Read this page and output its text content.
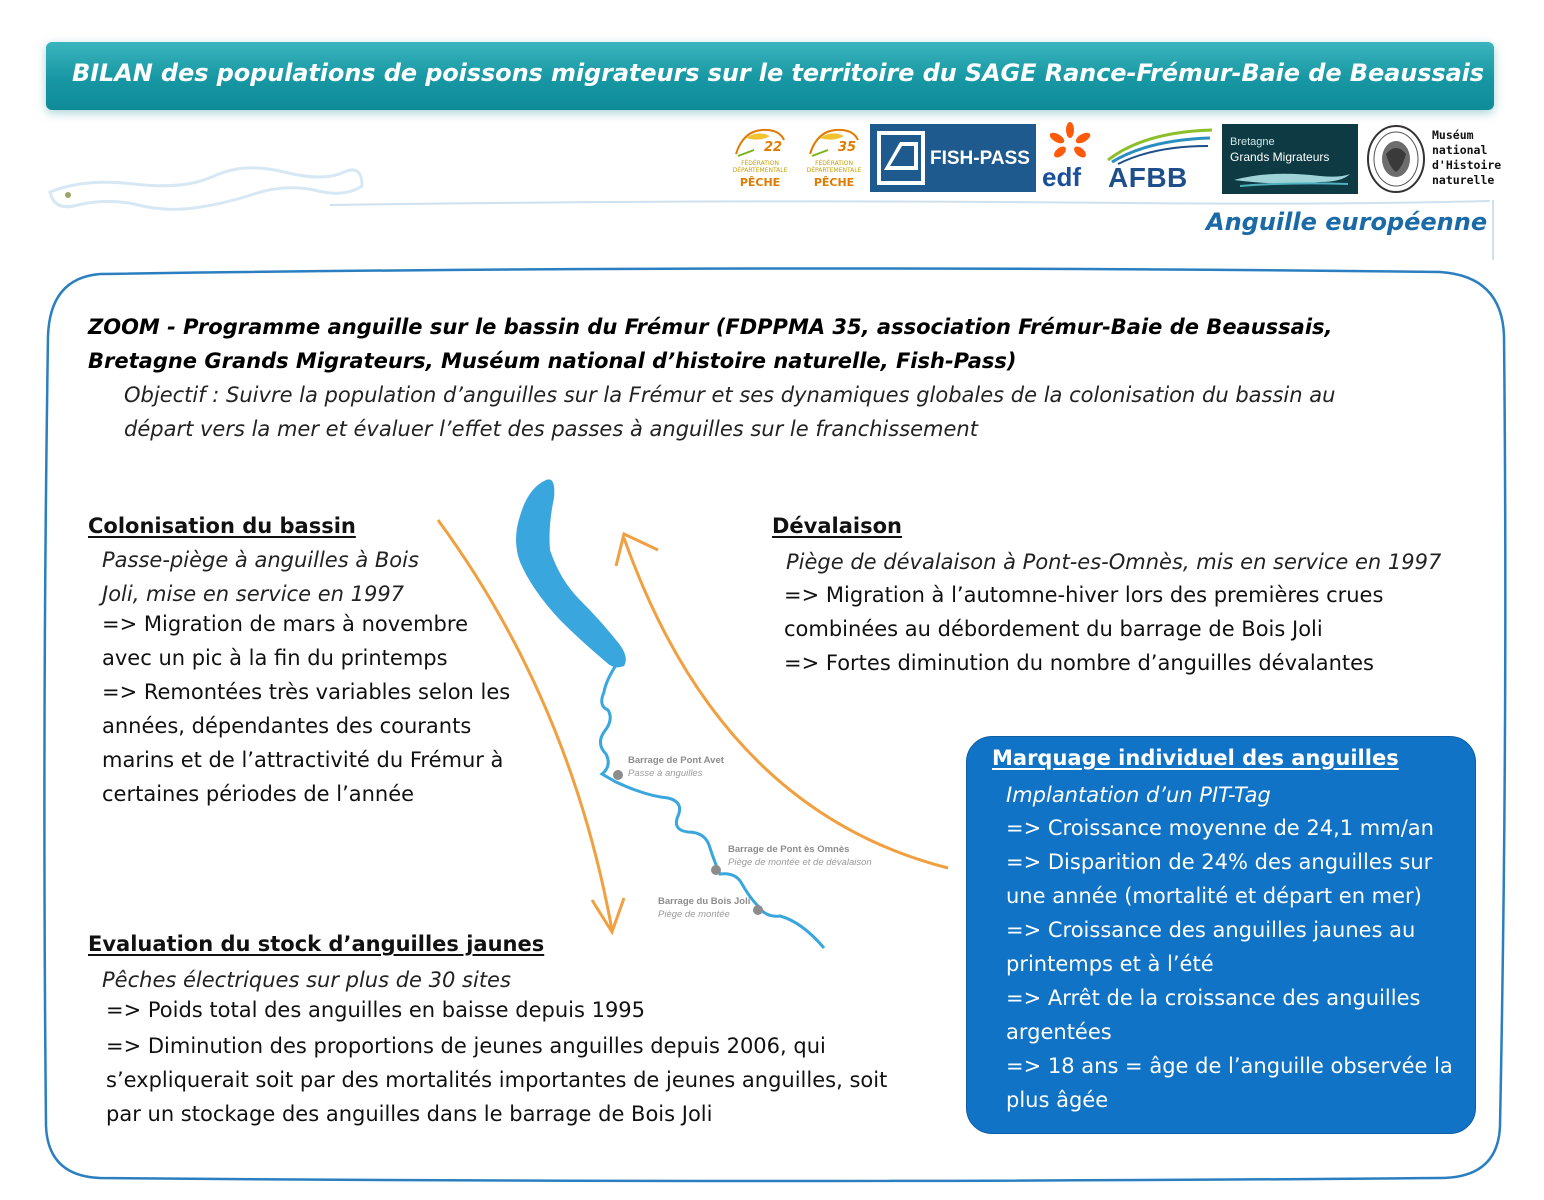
BILAN des populations de poissons migrateurs sur le territoire du SAGE Rance-Frémur-Baie de Beaussais
22
FÉDÉRATION DÉPARTEMENTALE
PÊCHE
35
FÉDÉRATION DÉPARTEMENTALE
PÊCHE
FISH-PASS
edf AFBB
Bretagne
Grands Migrateurs
Muséum
national
d'Histoire
naturelle
Anguille européenne
ZOOM - Programme anguille sur le bassin du Frémur (FDPPMA 35, association Frémur-Baie de Beaussais,
Bretagne Grands Migrateurs, Muséum national d’histoire naturelle, Fish-Pass)
Objectif : Suivre la population d’anguilles sur la Frémur et ses dynamiques globales de la colonisation du bassin au
départ vers la mer et évaluer l’effet des passes à anguilles sur le franchissement
Colonisation du bassin
Passe-piège à anguilles à Bois
Joli, mise en service en 1997
=> Migration de mars à novembre
avec un pic à la fin du printemps
=> Remontées très variables selon les
années, dépendantes des courants
marins et de l’attractivité du Frémur à
certaines périodes de l’année
Dévalaison
Piège de dévalaison à Pont-es-Omnès, mis en service en 1997
=> Migration à l’automne-hiver lors des premières crues
combinées au débordement du barrage de Bois Joli
=> Fortes diminution du nombre d’anguilles dévalantes
Barrage de Pont Avet
Passe à anguilles
Barrage de Pont ès Omnès
Piège de montée et de dévalaison
Barrage du Bois Joli
Piège de montée
Evaluation du stock d’anguilles jaunes
Pêches électriques sur plus de 30 sites
=> Poids total des anguilles en baisse depuis 1995
=> Diminution des proportions de jeunes anguilles depuis 2006, qui
s’expliquerait soit par des mortalités importantes de jeunes anguilles, soit
par un stockage des anguilles dans le barrage de Bois Joli
Marquage individuel des anguilles
Implantation d’un PIT-Tag
=> Croissance moyenne de 24,1 mm/an
=> Disparition de 24% des anguilles sur
une année (mortalité et départ en mer)
=> Croissance des anguilles jaunes au
printemps et à l’été
=> Arrêt de la croissance des anguilles
argentées
=> 18 ans = âge de l’anguille observée la
plus âgée
